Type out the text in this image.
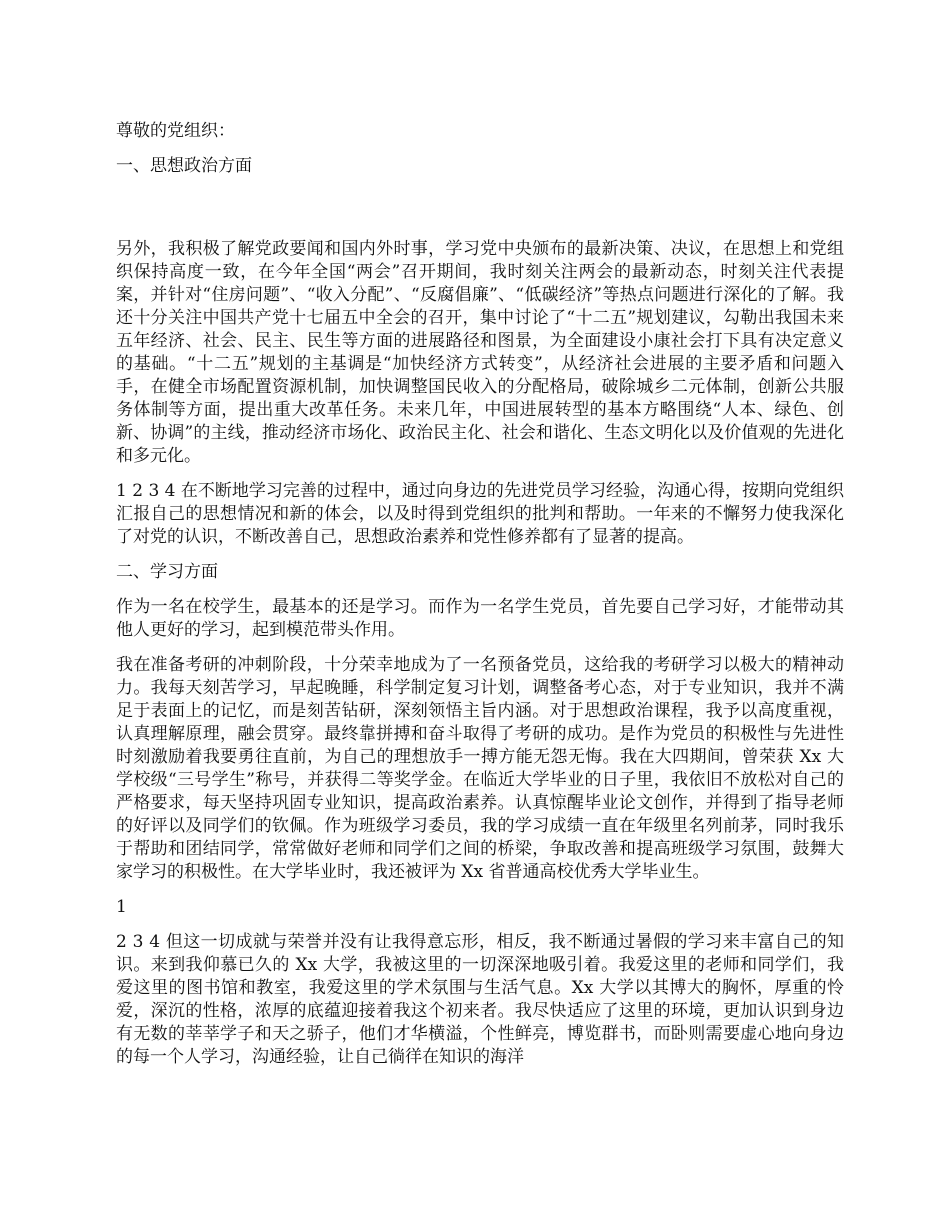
尊敬的党组织：

一、思想政治方面

另外，我积极了解党政要闻和国内外时事，学习党中央颁布的最新决策、决议，在思想上和党组织保持高度一致，在今年全国“两会”召开期间，我时刻关注两会的最新动态，时刻关注代表提案，并针对“住房问题”、“收入分配”、“反腐倡廉”、“低碳经济”等热点问题进行深化的了解。我还十分关注中国共产党十七届五中全会的召开，集中讨论了“十二五”规划建议，勾勒出我国未来五年经济、社会、民主、民生等方面的进展路径和图景，为全面建设小康社会打下具有决定意义的基础。“十二五”规划的主基调是“加快经济方式转变”，从经济社会进展的主要矛盾和问题入手，在健全市场配置资源机制，加快调整国民收入的分配格局，破除城乡二元体制，创新公共服务体制等方面，提出重大改革任务。未来几年，中国进展转型的基本方略围绕“人本、绿色、创新、协调”的主线，推动经济市场化、政治民主化、社会和谐化、生态文明化以及价值观的先进化和多元化。

1 2 3 4 在不断地学习完善的过程中，通过向身边的先进党员学习经验，沟通心得，按期向党组织汇报自己的思想情况和新的体会，以及时得到党组织的批判和帮助。一年来的不懈努力使我深化了对党的认识，不断改善自己，思想政治素养和党性修养都有了显著的提高。

二、学习方面

作为一名在校学生，最基本的还是学习。而作为一名学生党员，首先要自己学习好，才能带动其他人更好的学习，起到模范带头作用。

我在准备考研的冲刺阶段，十分荣幸地成为了一名预备党员，这给我的考研学习以极大的精神动力。我每天刻苦学习，早起晚睡，科学制定复习计划，调整备考心态，对于专业知识，我并不满足于表面上的记忆，而是刻苦钻研，深刻领悟主旨内涵。对于思想政治课程，我予以高度重视，认真理解原理，融会贯穿。最终靠拼搏和奋斗取得了考研的成功。是作为党员的积极性与先进性时刻激励着我要勇往直前，为自己的理想放手一搏方能无怨无悔。我在大四期间，曾荣获 Xx 大学校级“三号学生”称号，并获得二等奖学金。在临近大学毕业的日子里，我依旧不放松对自己的严格要求，每天坚持巩固专业知识，提高政治素养。认真惊醒毕业论文创作，并得到了指导老师的好评以及同学们的钦佩。作为班级学习委员，我的学习成绩一直在年级里名列前茅，同时我乐于帮助和团结同学，常常做好老师和同学们之间的桥梁，争取改善和提高班级学习氛围，鼓舞大家学习的积极性。在大学毕业时，我还被评为 Xx 省普通高校优秀大学毕业生。

1

2 3 4 但这一切成就与荣誉并没有让我得意忘形，相反，我不断通过暑假的学习来丰富自己的知识。来到我仰慕已久的 Xx 大学，我被这里的一切深深地吸引着。我爱这里的老师和同学们，我爱这里的图书馆和教室，我爱这里的学术氛围与生活气息。Xx 大学以其博大的胸怀，厚重的怜爱，深沉的性格，浓厚的底蕴迎接着我这个初来者。我尽快适应了这里的环境，更加认识到身边有无数的莘莘学子和天之骄子，他们才华横溢，个性鲜亮，博览群书，而卧则需要虚心地向身边的每一个人学习，沟通经验，让自己徜徉在知识的海洋
